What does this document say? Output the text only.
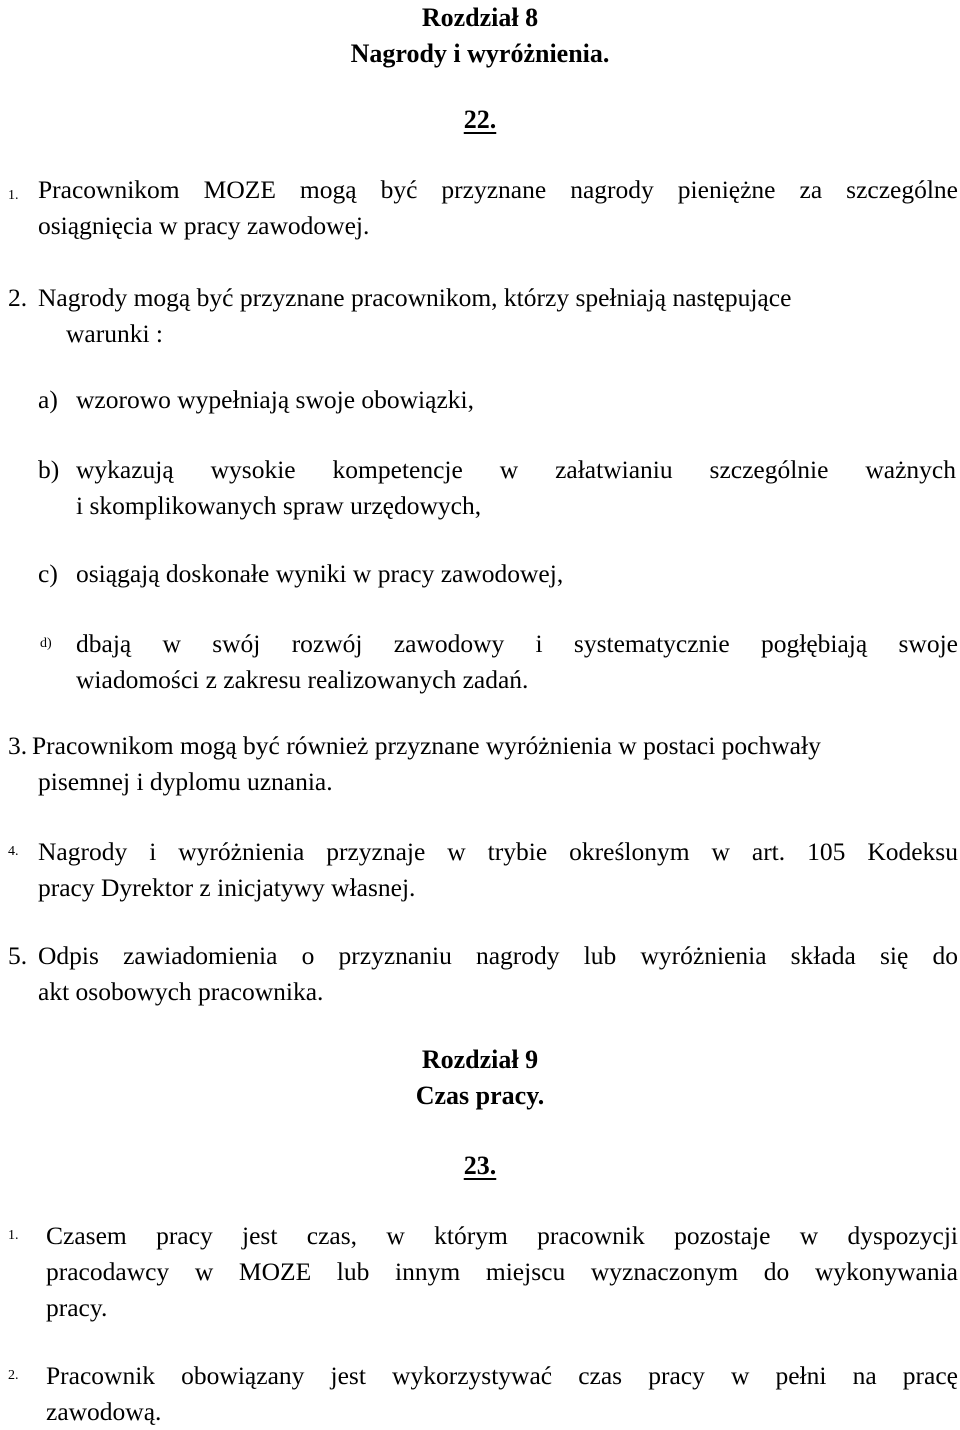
Rozdział 8
Nagrody i wyróżnienia.
22.
1. Pracownikom MOZE mogą być przyznane nagrody pieniężne za szczególne
osiągnięcia w pracy zawodowej.
2. Nagrody mogą być przyznane pracownikom, którzy spełniają następujące
warunki :
a) wzorowo wypełniają swoje obowiązki,
b) wykazują wysokie kompetencje w załatwianiu szczególnie ważnych
i skomplikowanych spraw urzędowych,
c) osiągają doskonałe wyniki w pracy zawodowej,
d) dbają w swój rozwój zawodowy i systematycznie pogłębiają swoje
wiadomości z zakresu realizowanych zadań.
3. Pracownikom mogą być również przyznane wyróżnienia w postaci pochwały
pisemnej i dyplomu uznania.
4. Nagrody i wyróżnienia przyznaje w trybie określonym w art. 105 Kodeksu
pracy Dyrektor z inicjatywy własnej.
5. Odpis zawiadomienia o przyznaniu nagrody lub wyróżnienia składa się do
akt osobowych pracownika.
Rozdział 9
Czas pracy.
23.
1. Czasem pracy jest czas, w którym pracownik pozostaje w dyspozycji
pracodawcy w MOZE lub innym miejscu wyznaczonym do wykonywania
pracy.
2. Pracownik obowiązany jest wykorzystywać czas pracy w pełni na pracę
zawodową.
